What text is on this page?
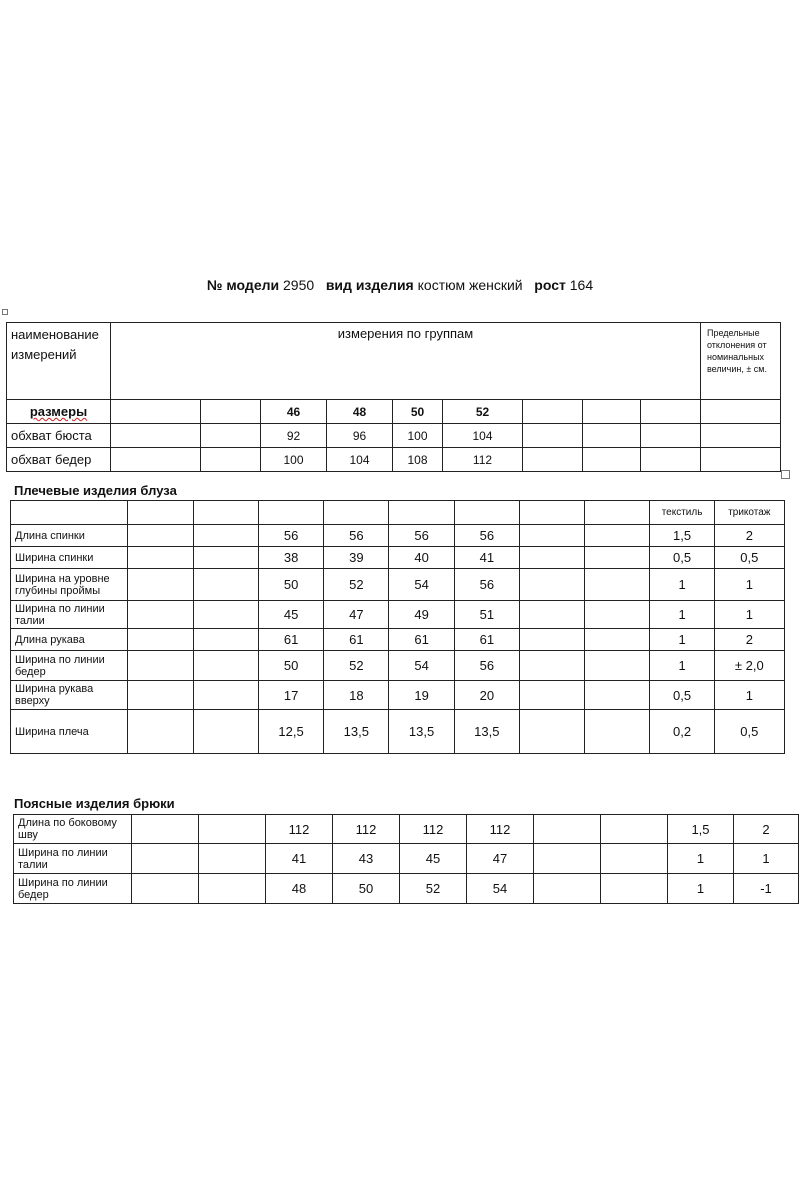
№ модели 2950 вид изделия костюм женский рост 164
наименование измерений	измерения по группам									Предельные отклонения от номинальных величин, ± см.
размеры			46	48	50	52				
обхват бюста			92	96	100	104				
обхват бедер			100	104	108	112				
Плечевые изделия блуза
									текстиль	трикотаж
Длина спинки			56	56	56	56			1,5	2
Ширина спинки			38	39	40	41			0,5	0,5
Ширина на уровне глубины проймы			50	52	54	56			1	1
Ширина по линии талии			45	47	49	51			1	1
Длина рукава			61	61	61	61			1	2
Ширина по линии бедер			50	52	54	56			1	± 2,0
Ширина рукава вверху			17	18	19	20			0,5	1
Ширина плеча			12,5	13,5	13,5	13,5			0,2	0,5
Поясные изделия брюки
Длина по боковому шву			112	112	112	112			1,5	2
Ширина по линии талии			41	43	45	47			1	1
Ширина по линии бедер			48	50	52	54			1	-1
